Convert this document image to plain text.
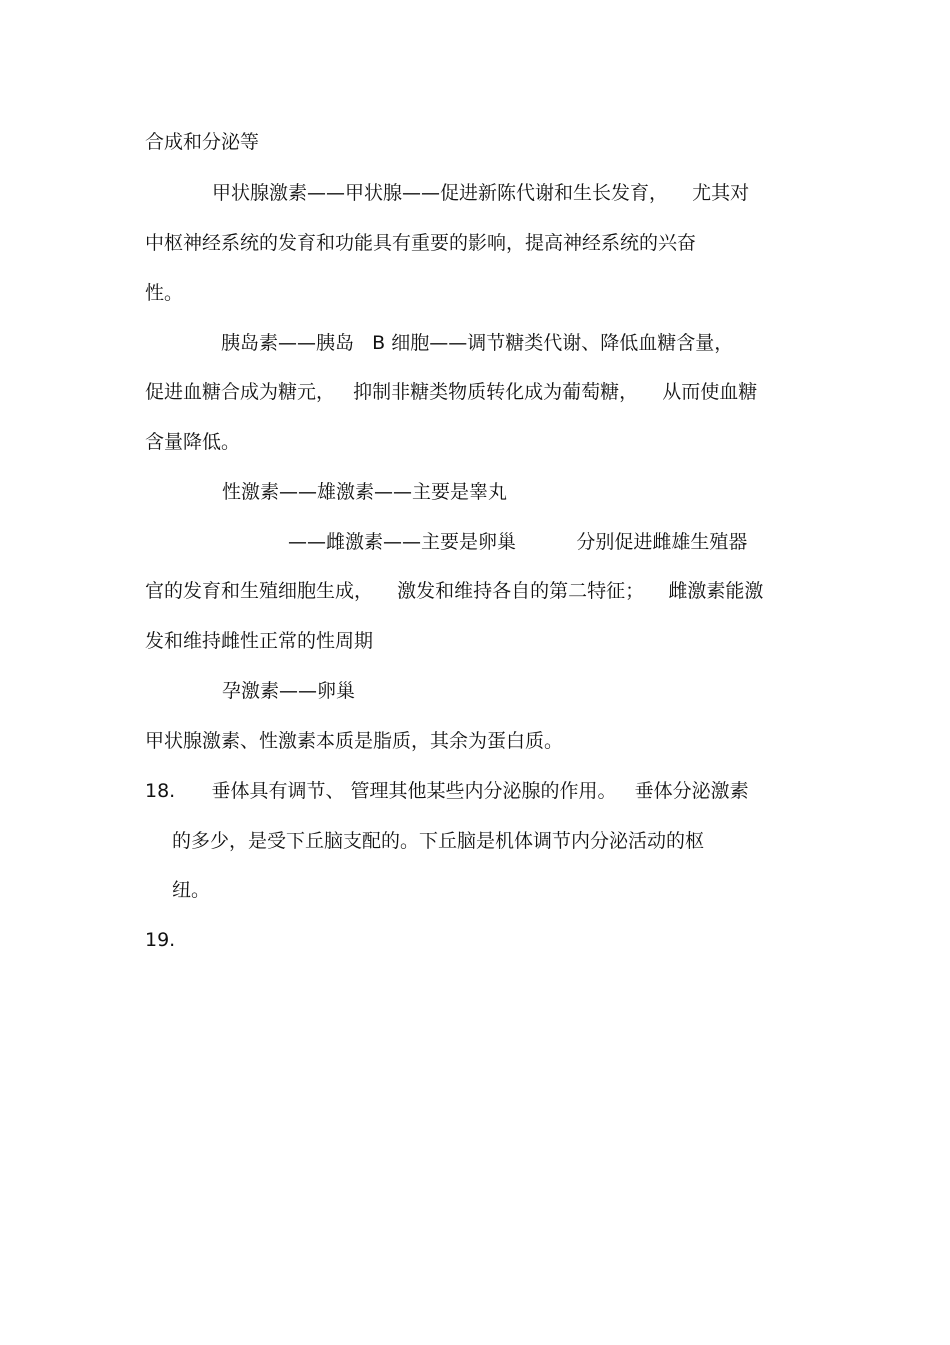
合成和分泌等
甲状腺激素——甲状腺——促进新陈代谢和生长发育，    尤其对
中枢神经系统的发育和功能具有重要的影响，提高神经系统的兴奋
性。
胰岛素——胰岛   B 细胞——调节糖类代谢、降低血糖含量，
促进血糖合成为糖元，   抑制非糖类物质转化成为葡萄糖，    从而使血糖
含量降低。
性激素——雄激素——主要是睾丸
——雌激素——主要是卵巢          分别促进雌雄生殖器
官的发育和生殖细胞生成，    激发和维持各自的第二特征；    雌激素能激
发和维持雌性正常的性周期
孕激素——卵巢
甲状腺激素、性激素本质是脂质，其余为蛋白质。
18.      垂体具有调节、 管理其他某些内分泌腺的作用。   垂体分泌激素
的多少，是受下丘脑支配的。下丘脑是机体调节内分泌活动的枢
纽。
19.
